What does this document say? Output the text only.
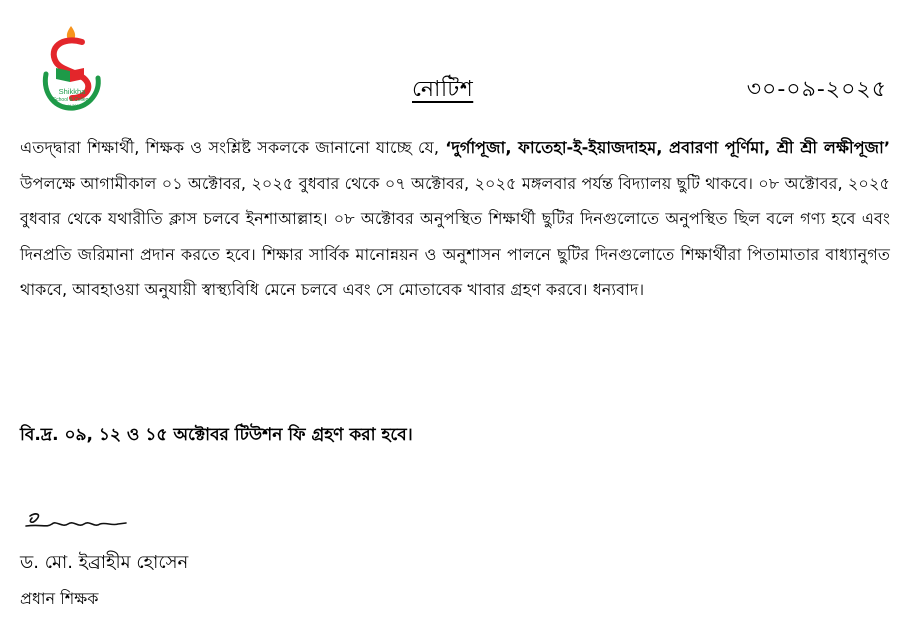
Shikkha
School & College
Estd 2014
নোটিশ	৩০-০৯-২০২৫
এতদ্দ্বারা শিক্ষার্থী, শিক্ষক ও সংশ্লিষ্ট সকলকে জানানো যাচ্ছে যে, ‘দুর্গাপূজা, ফাতেহা-ই-ইয়াজদাহম, প্রবারণা পূর্ণিমা, শ্রী শ্রী লক্ষীপূজা’ উপলক্ষে আগামীকাল ০১ অক্টোবর, ২০২৫ বুধবার থেকে ০৭ অক্টোবর, ২০২৫ মঙ্গলবার পর্যন্ত বিদ্যালয় ছুটি থাকবে। ০৮ অক্টোবর, ২০২৫ বুধবার থেকে যথারীতি ক্লাস চলবে ইনশাআল্লাহ। ০৮ অক্টোবর অনুপস্থিত শিক্ষার্থী ছুটির দিনগুলোতে অনুপস্থিত ছিল বলে গণ্য হবে এবং দিনপ্রতি জরিমানা প্রদান করতে হবে। শিক্ষার সার্বিক মানোন্নয়ন ও অনুশাসন পালনে ছুটির দিনগুলোতে শিক্ষার্থীরা পিতামাতার বাধ্যানুগত থাকবে, আবহাওয়া অনুযায়ী স্বাস্থ্যবিধি মেনে চলবে এবং সে মোতাবেক খাবার গ্রহণ করবে। ধন্যবাদ।
বি.দ্র. ০৯, ১২ ও ১৫ অক্টোবর টিউশন ফি গ্রহণ করা হবে।
ড. মো. ইব্রাহীম হোসেন
প্রধান শিক্ষক
